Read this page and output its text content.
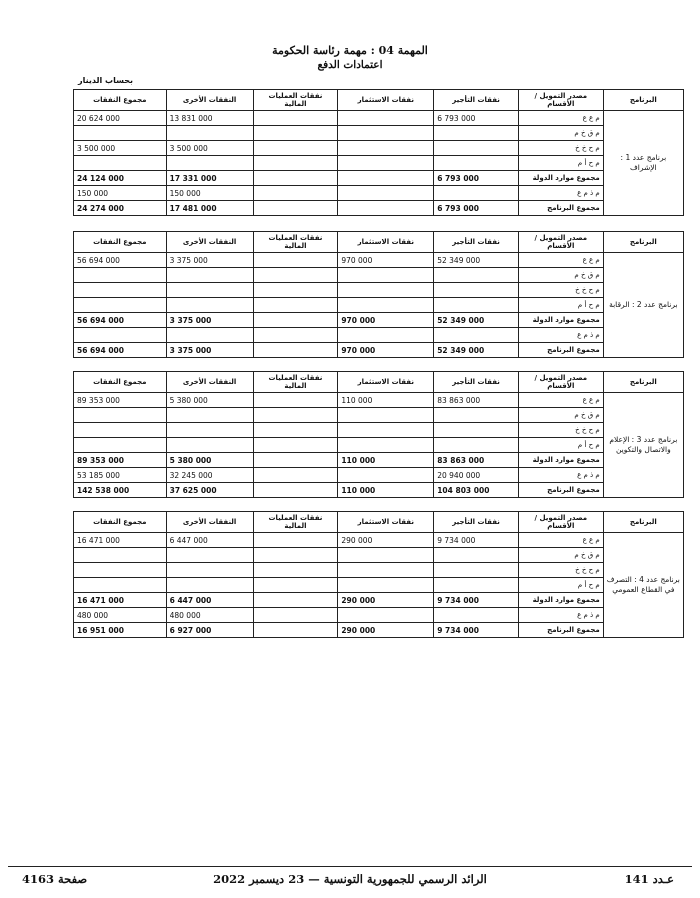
المهمة 04 : مهمة رئاسة الحكومة
اعتمادات الدفع
بحساب الدينار
البرنامج	مصدر التمويل / الأقسام	نفقات التأجير	نفقات الاستثمار	نفقات العمليات المالية	النفقات الأخرى	مجموع النفقات
برنامج عدد 1 : الإشراف	م ع ع	6 793 000			13 831 000	20 624 000
	م ق خ م					
	م ح خ خ				3 500 000	3 500 000
	م ح أ م					
	مجموع موارد الدولة	6 793 000			17 331 000	24 124 000
	م ذ م ع				150 000	150 000
	مجموع البرنامج	6 793 000			17 481 000	24 274 000
البرنامج	مصدر التمويل / الأقسام	نفقات التأجير	نفقات الاستثمار	نفقات العمليات المالية	النفقات الأخرى	مجموع النفقات
برنامج عدد 2 : الرقابة	م ع ع	52 349 000	970 000		3 375 000	56 694 000
	م ق خ م					
	م ح خ خ					
	م ح أ م					
	مجموع موارد الدولة	52 349 000	970 000		3 375 000	56 694 000
	م ذ م ع					
	مجموع البرنامج	52 349 000	970 000		3 375 000	56 694 000
البرنامج	مصدر التمويل / الأقسام	نفقات التأجير	نفقات الاستثمار	نفقات العمليات المالية	النفقات الأخرى	مجموع النفقات
برنامج عدد 3 : الإعلام والاتصال والتكوين	م ع ع	83 863 000	110 000		5 380 000	89 353 000
	م ق خ م					
	م ح خ خ					
	م ح أ م					
	مجموع موارد الدولة	83 863 000	110 000		5 380 000	89 353 000
	م ذ م ع	20 940 000			32 245 000	53 185 000
	مجموع البرنامج	104 803 000	110 000		37 625 000	142 538 000
البرنامج	مصدر التمويل / الأقسام	نفقات التأجير	نفقات الاستثمار	نفقات العمليات المالية	النفقات الأخرى	مجموع النفقات
برنامج عدد 4 : التصرف في القطاع العمومي	م ع ع	9 734 000	290 000		6 447 000	16 471 000
	م ق خ م					
	م ح خ خ					
	م ح أ م					
	مجموع موارد الدولة	9 734 000	290 000		6 447 000	16 471 000
	م ذ م ع				480 000	480 000
	مجموع البرنامج	9 734 000	290 000		6 927 000	16 951 000
عـدد 141
الرائد الرسمي للجمهورية التونسية — 23 ديسمبر 2022
صفحة 4163
